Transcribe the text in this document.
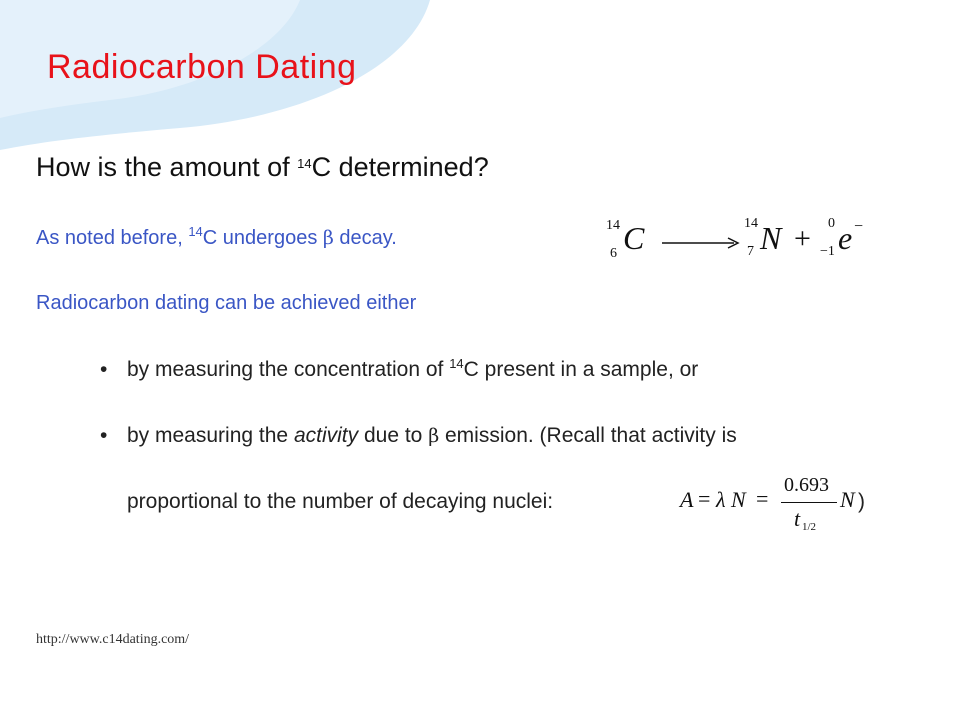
Radiocarbon Dating
How is the amount of $^{14}$C determined?
As noted before, $^{14}$C undergoes β decay.
14
6 C	14
7 N + 0
−1 e −
Radiocarbon dating can be achieved either
• by measuring the concentration of $^{14}$C present in a sample, or
• by measuring the activity due to β emission. (Recall that activity is
proportional to the number of decaying nuclei:	A = λ N =
0.693
t 1/2
N )
http://www.c14dating.com/
